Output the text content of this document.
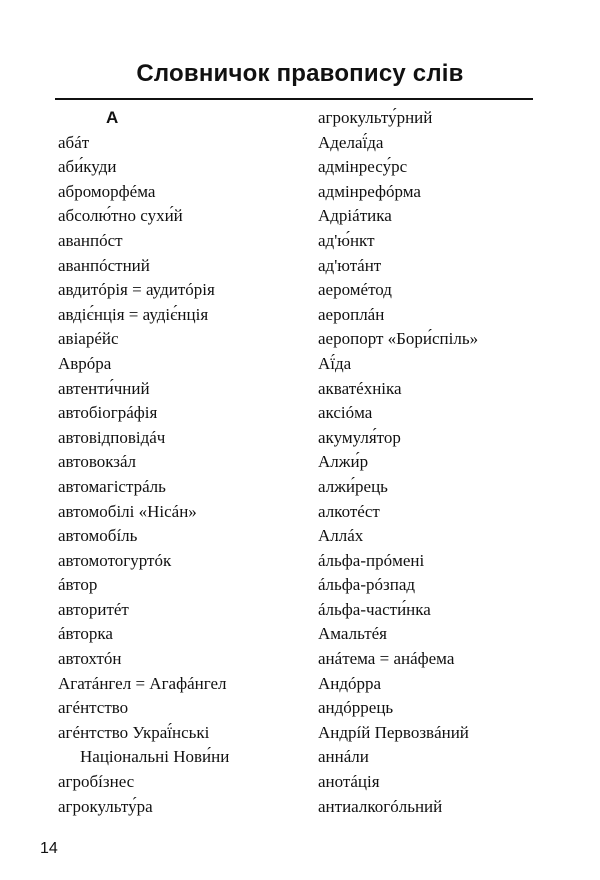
Словничок правопису слів
А
абáт
аби́куди
аброморфéма
абсолю́тно сухи́й
аванпóст
аванпóстний
авдитóрія = аудитóрія
авдіє́нція = аудіє́нція
авіарéйс
Аврóра
автенти́чний
автобіогрáфія
автовідповідáч
автовокзáл
автомагістрáль
автомобілі «Нісáн»
автомобíль
автомотогуртóк
áвтор
авторитéт
áвторка
автохтóн
Агатáнгел = Агафáнгел
агéнтство
агéнтство Украї́нські
Національні Нови́ни
агробíзнес
агрокульту́ра
агрокульту́рний
Аделаї́да
адмінресу́рс
адмінрефóрма
Адріáтика
ад'ю́нкт
ад'ютáнт
аеромéтод
аероплáн
аеропорт «Бори́спіль»
Аї́да
акватéхніка
аксіóма
акумуля́тор
Алжи́р
алжи́рець
алкотéст
Аллáх
áльфа-прóмені
áльфа-рóзпад
áльфа-части́нка
Амальтéя
анáтема = анáфема
Андóрра
андóррець
Андрíй Первозвáний
аннáли
анотáція
антиалкогóльний
14
